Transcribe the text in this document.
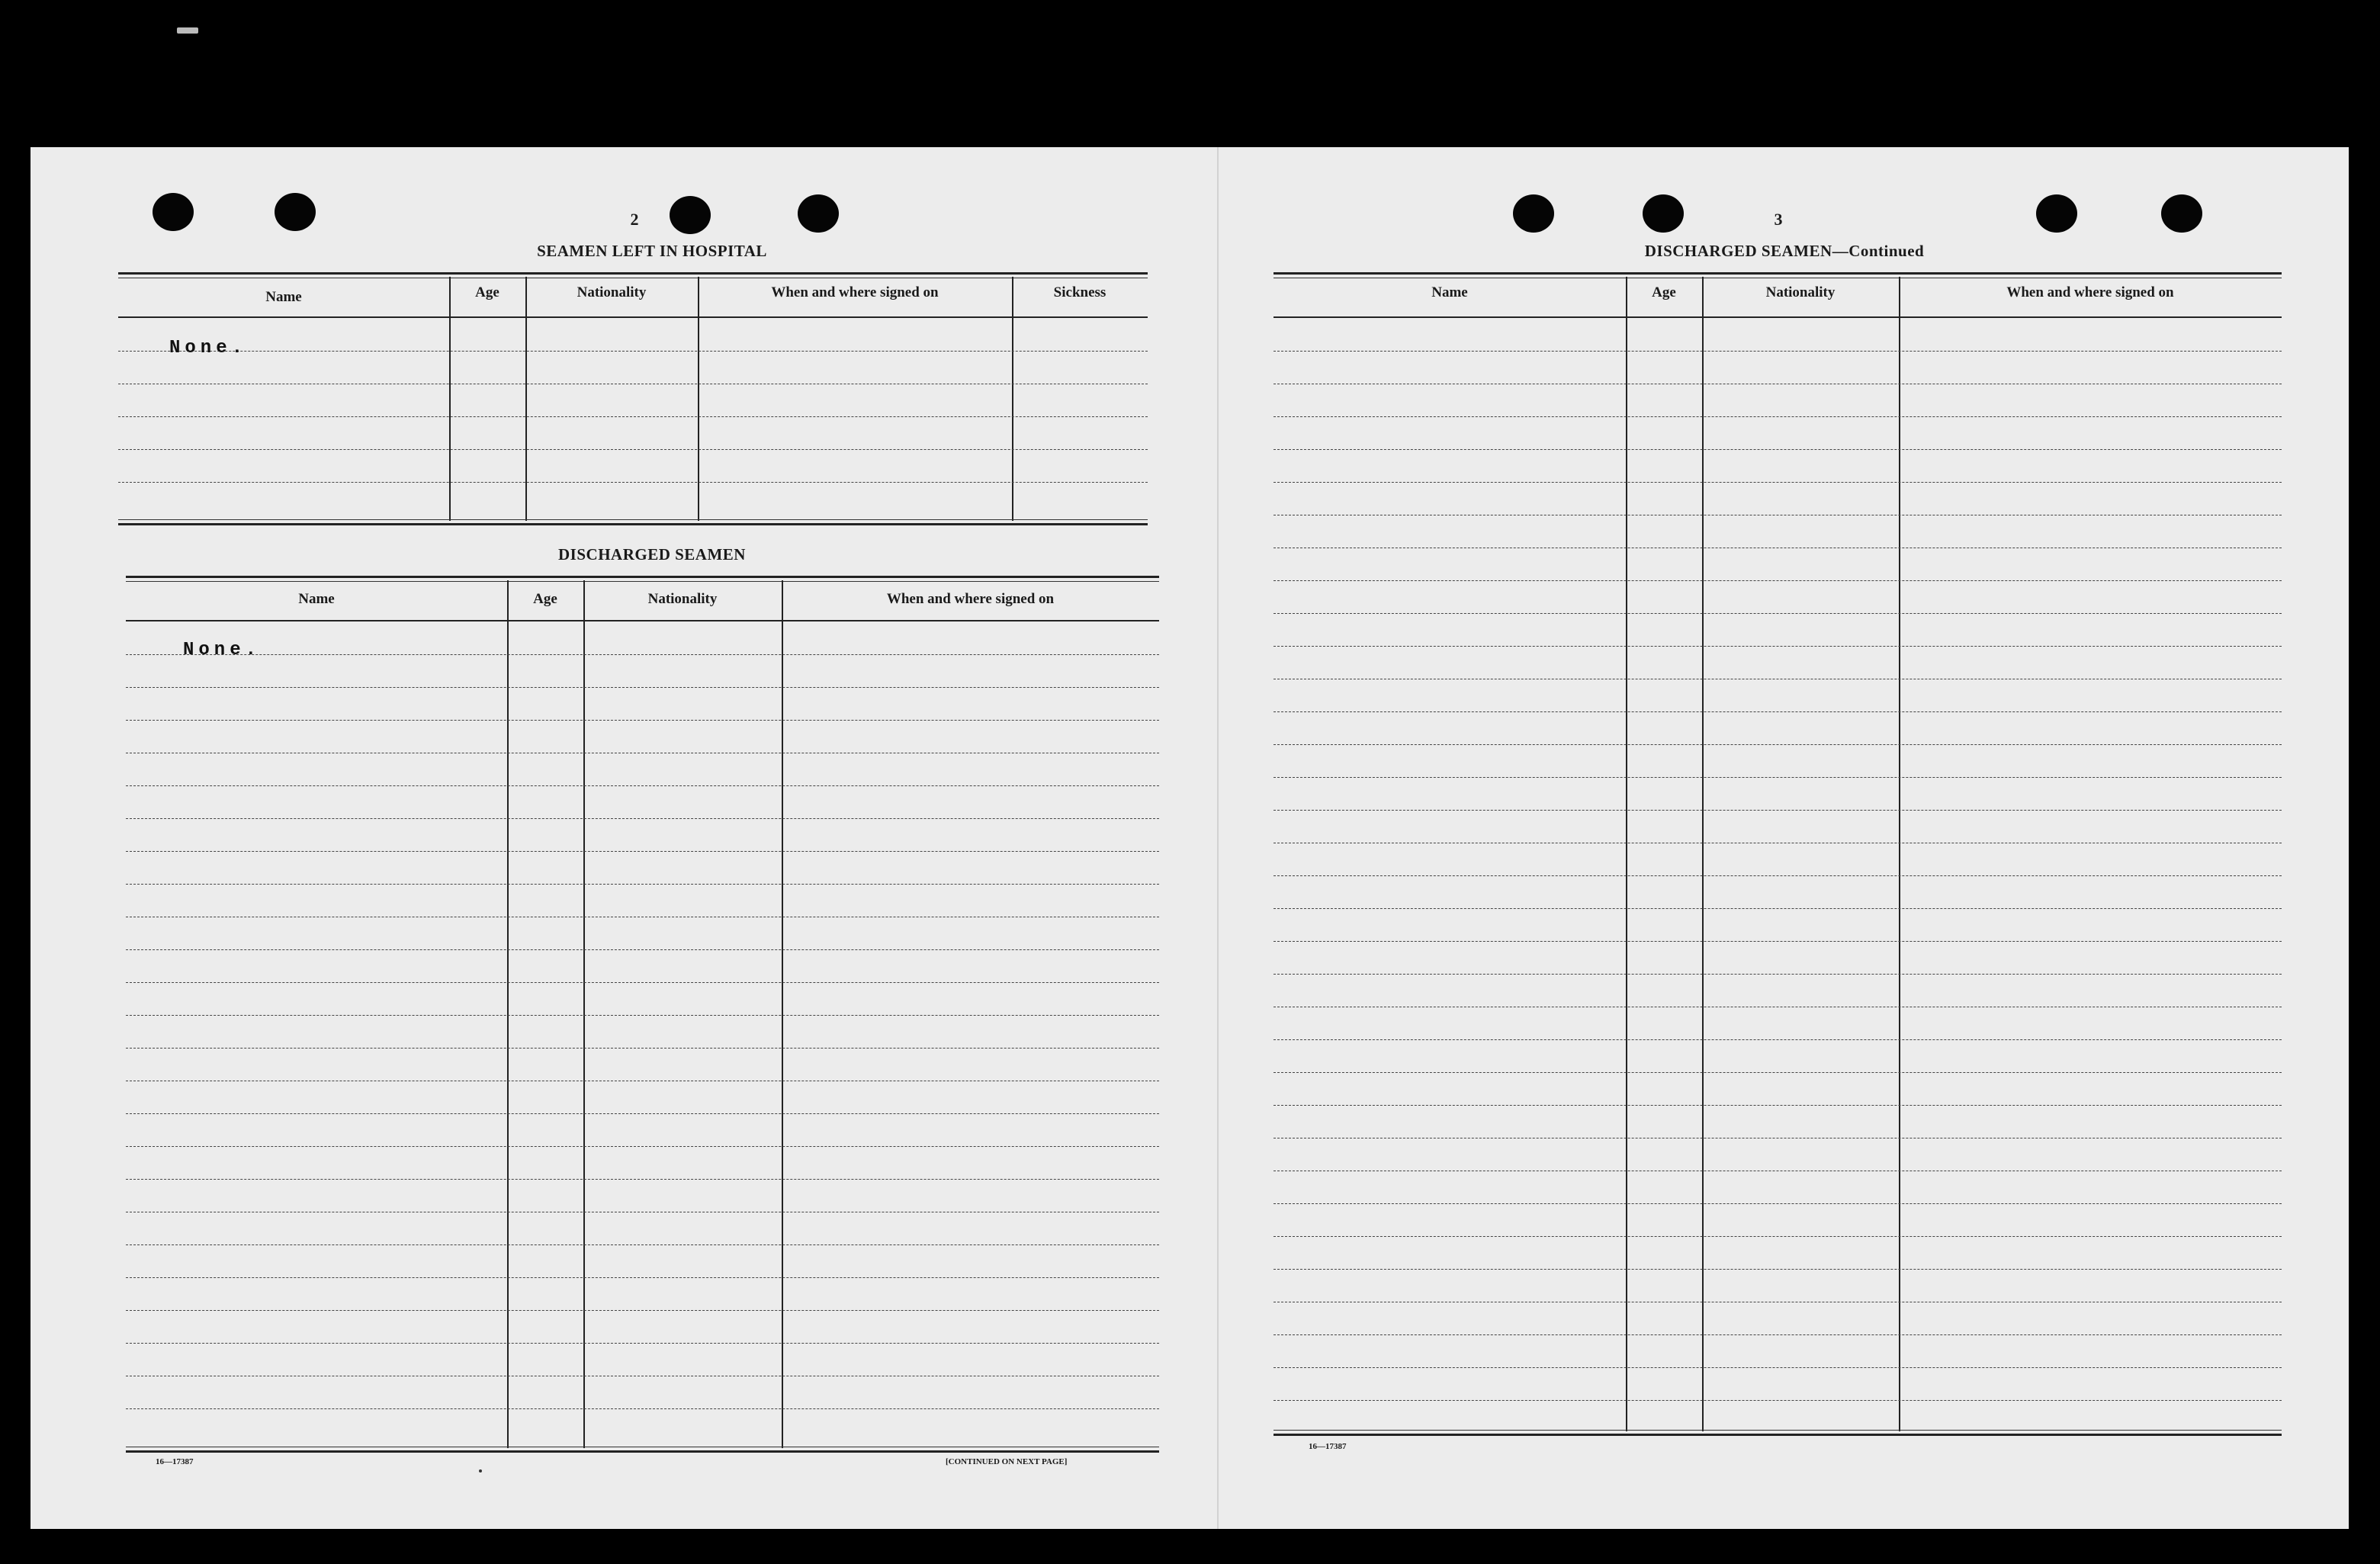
2
SEAMEN LEFT IN HOSPITAL
Name	Age	Nationality	When and where signed on	Sickness
None.
DISCHARGED SEAMEN
Name	Age	Nationality	When and where signed on
None.
16—17387	[CONTINUED ON NEXT PAGE]
3
DISCHARGED SEAMEN—Continued
Name	Age	Nationality	When and where signed on
16—17387
